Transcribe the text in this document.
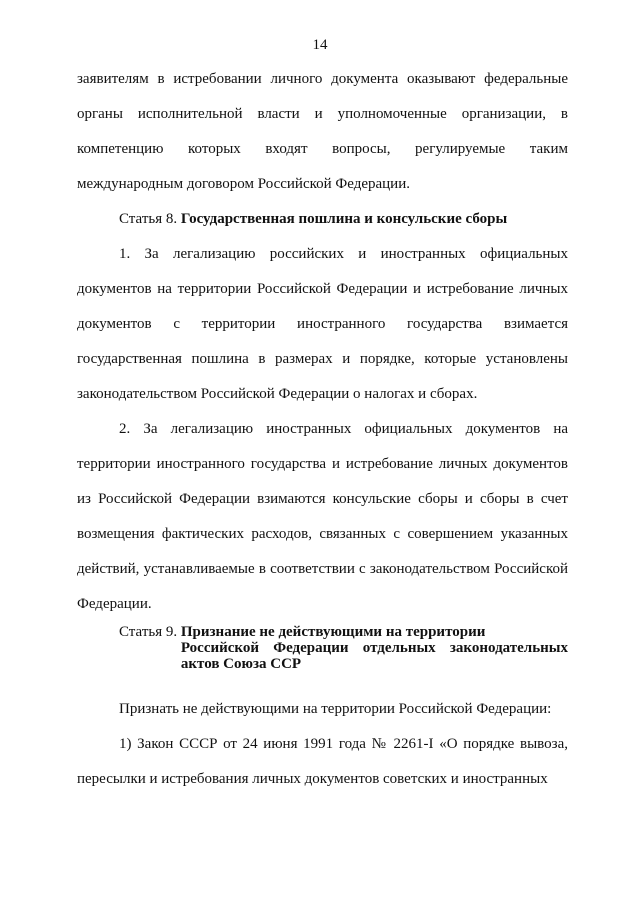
14

заявителям в истребовании личного документа оказывают федеральные органы исполнительной власти и уполномоченные организации, в компетенцию которых входят вопросы, регулируемые таким международным договором Российской Федерации.

Статья 8. Государственная пошлина и консульские сборы

1. За легализацию российских и иностранных официальных документов на территории Российской Федерации и истребование личных документов с территории иностранного государства взимается государственная пошлина в размерах и порядке, которые установлены законодательством Российской Федерации о налогах и сборах.

2. За легализацию иностранных официальных документов на территории иностранного государства и истребование личных документов из Российской Федерации взимаются консульские сборы и сборы в счет возмещения фактических расходов, связанных с совершением указанных действий, устанавливаемые в соответствии с законодательством Российской Федерации.

Статья 9. Признание не действующими на территории
Российской Федерации отдельных законодательных
актов Союза ССР

Признать не действующими на территории Российской Федерации:

1) Закон СССР от 24 июня 1991 года № 2261-I «О порядке вывоза, пересылки и истребования личных документов советских и иностранных
